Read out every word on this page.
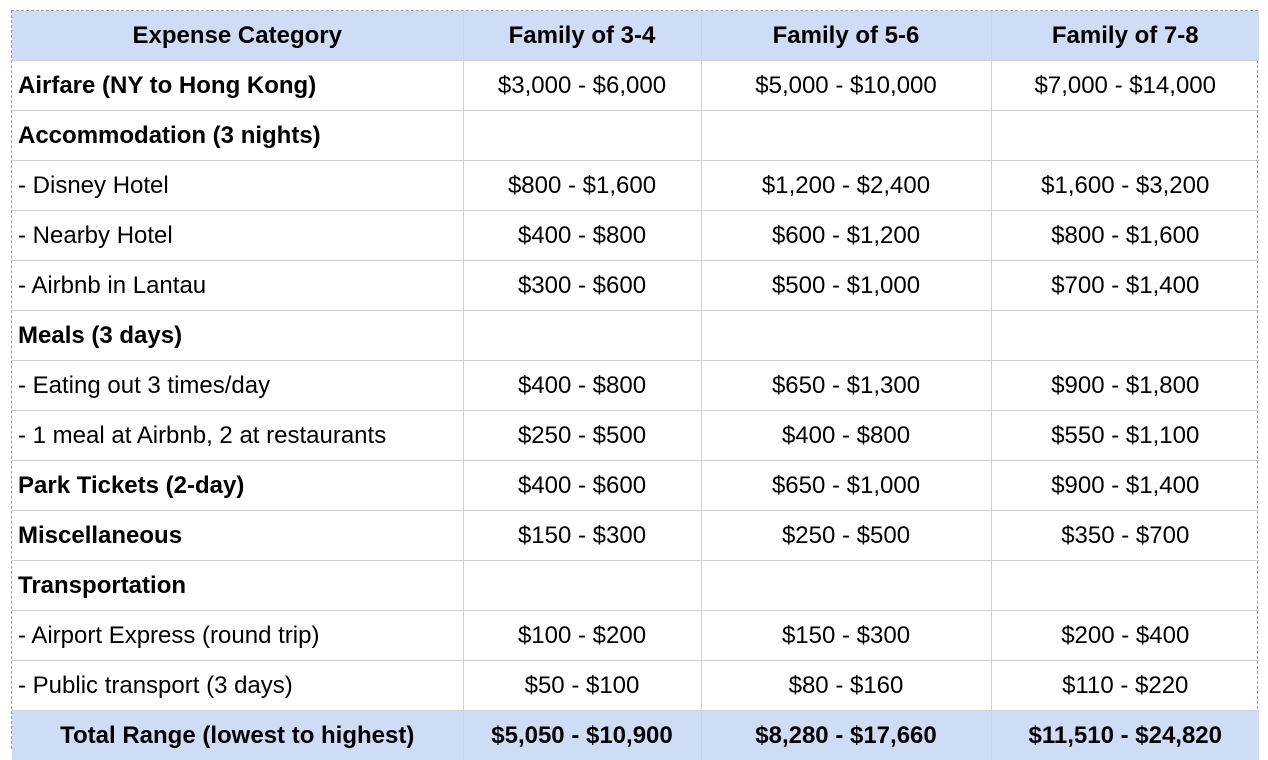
Expense Category	Family of 3-4	Family of 5-6	Family of 7-8
Airfare (NY to Hong Kong)	$3,000 - $6,000	$5,000 - $10,000	$7,000 - $14,000
Accommodation (3 nights)			
- Disney Hotel	$800 - $1,600	$1,200 - $2,400	$1,600 - $3,200
- Nearby Hotel	$400 - $800	$600 - $1,200	$800 - $1,600
- Airbnb in Lantau	$300 - $600	$500 - $1,000	$700 - $1,400
Meals (3 days)			
- Eating out 3 times/day	$400 - $800	$650 - $1,300	$900 - $1,800
- 1 meal at Airbnb, 2 at restaurants	$250 - $500	$400 - $800	$550 - $1,100
Park Tickets (2-day)	$400 - $600	$650 - $1,000	$900 - $1,400
Miscellaneous	$150 - $300	$250 - $500	$350 - $700
Transportation			
- Airport Express (round trip)	$100 - $200	$150 - $300	$200 - $400
- Public transport (3 days)	$50 - $100	$80 - $160	$110 - $220
Total Range (lowest to highest)	$5,050 - $10,900	$8,280 - $17,660	$11,510 - $24,820
